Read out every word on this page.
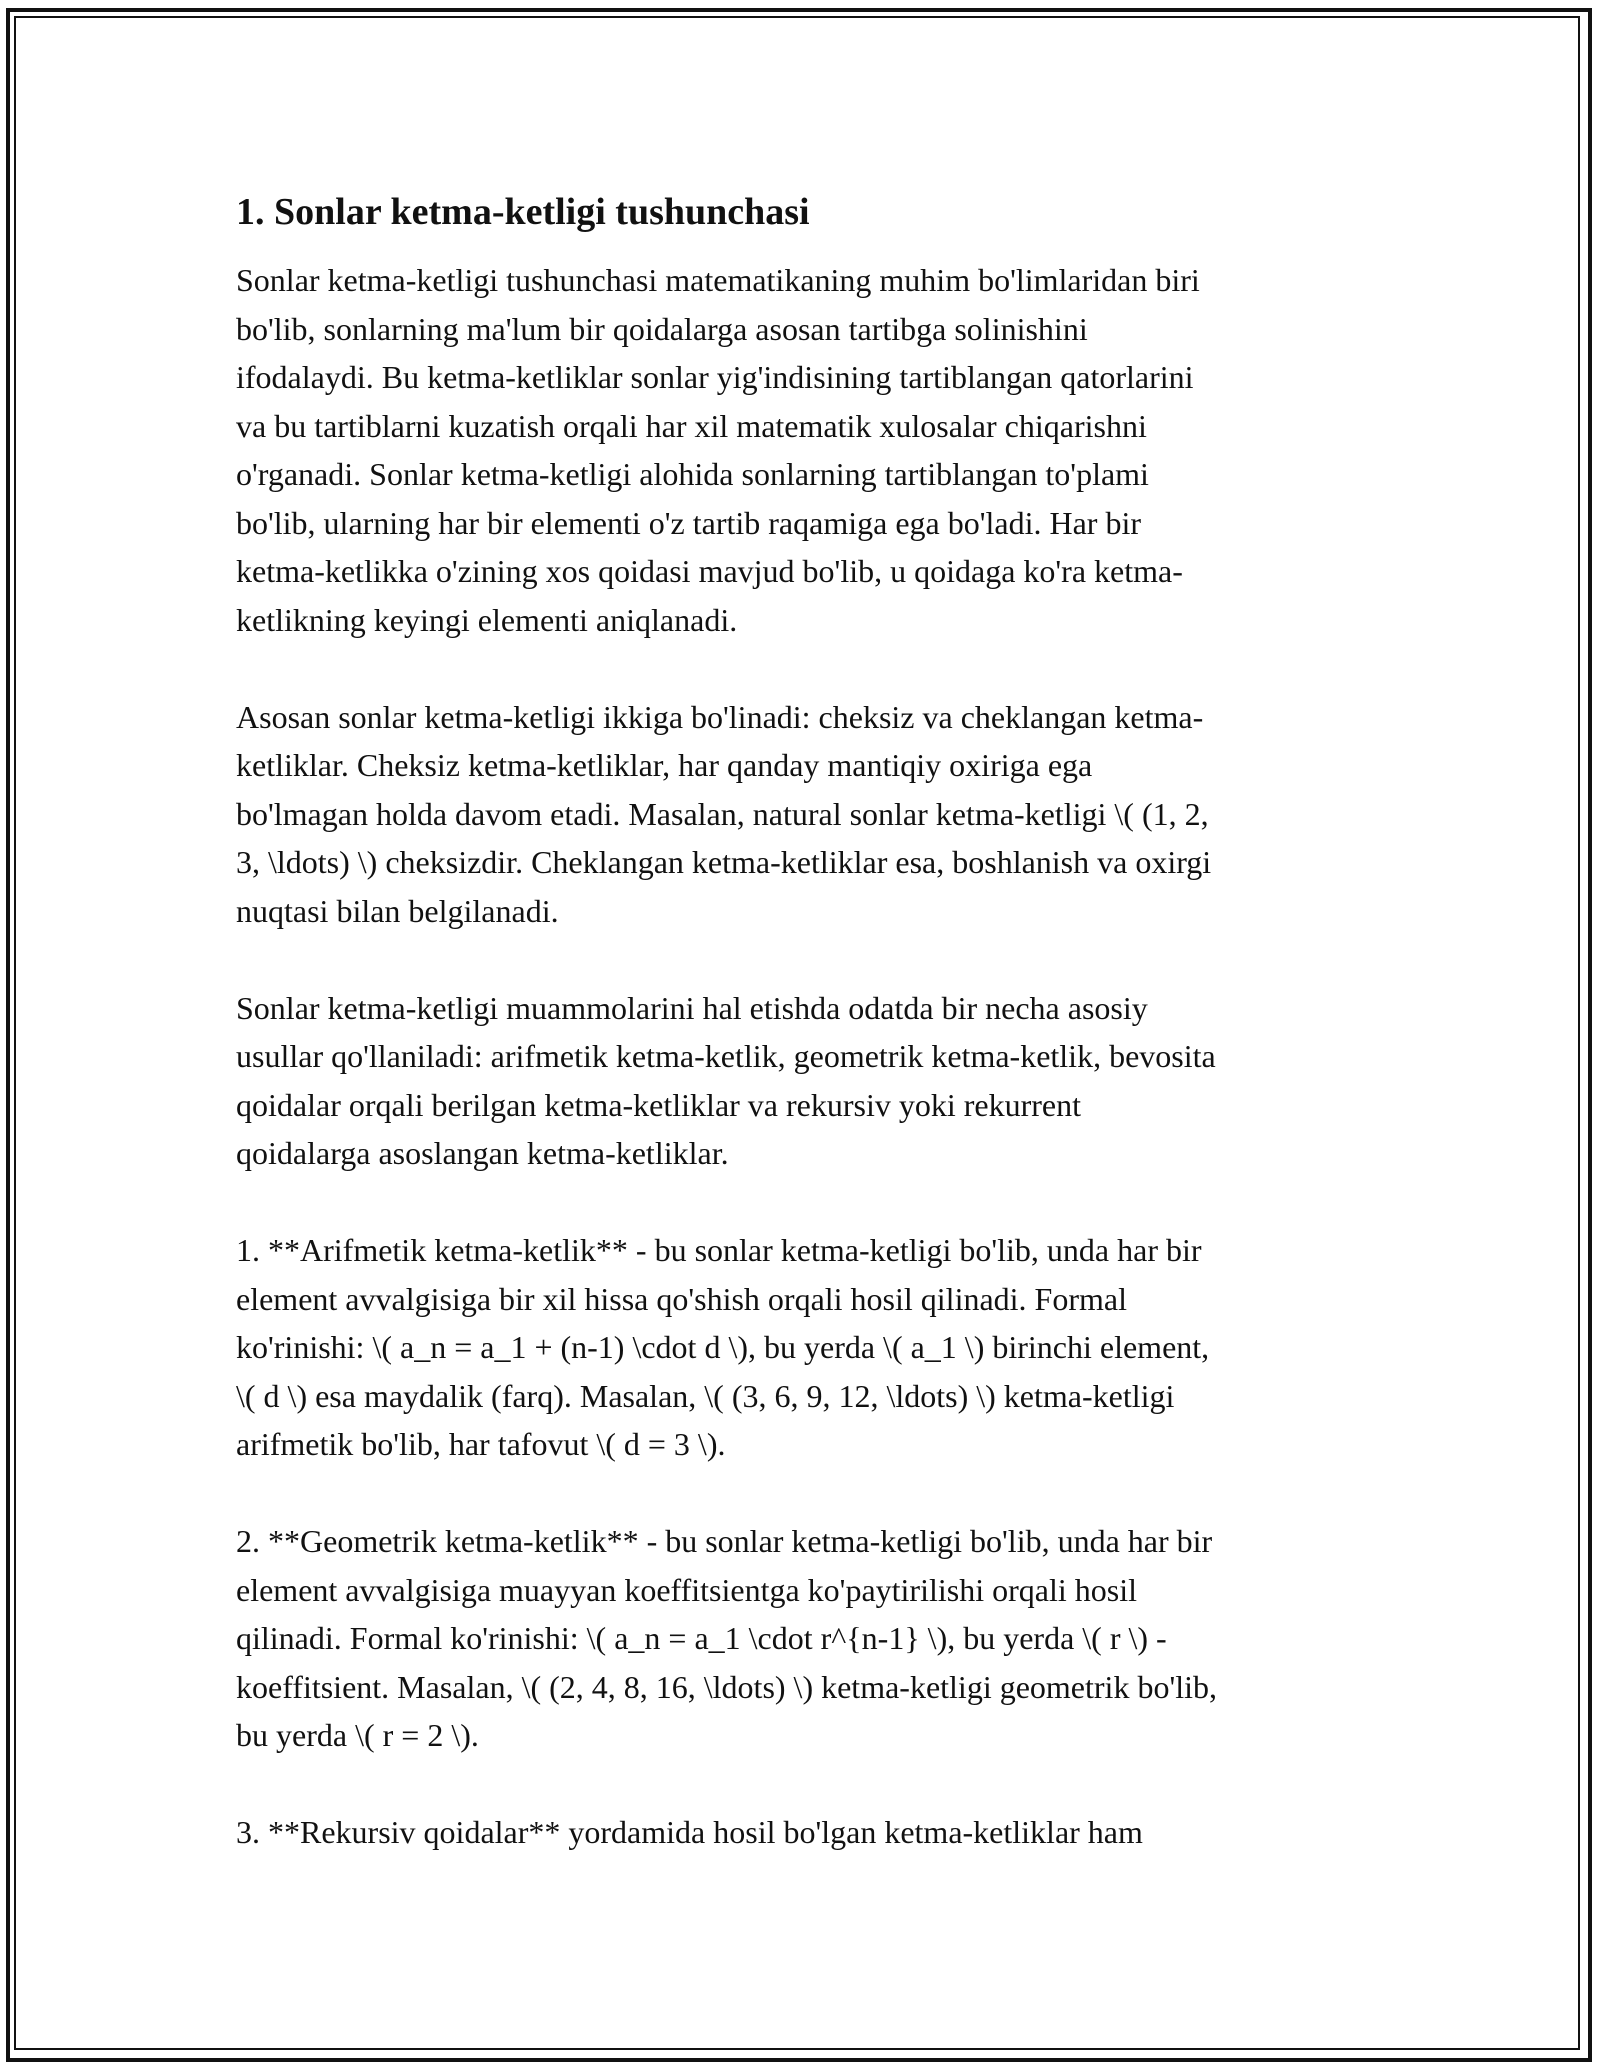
1. Sonlar ketma-ketligi tushunchasi

Sonlar ketma-ketligi tushunchasi matematikaning muhim bo'limlaridan biri
bo'lib, sonlarning ma'lum bir qoidalarga asosan tartibga solinishini
ifodalaydi. Bu ketma-ketliklar sonlar yig'indisining tartiblangan qatorlarini
va bu tartiblarni kuzatish orqali har xil matematik xulosalar chiqarishni
o'rganadi. Sonlar ketma-ketligi alohida sonlarning tartiblangan to'plami
bo'lib, ularning har bir elementi o'z tartib raqamiga ega bo'ladi. Har bir
ketma-ketlikka o'zining xos qoidasi mavjud bo'lib, u qoidaga ko'ra ketma-
ketlikning keyingi elementi aniqlanadi.

Asosan sonlar ketma-ketligi ikkiga bo'linadi: cheksiz va cheklangan ketma-
ketliklar. Cheksiz ketma-ketliklar, har qanday mantiqiy oxiriga ega
bo'lmagan holda davom etadi. Masalan, natural sonlar ketma-ketligi \( (1, 2,
3, \ldots) \) cheksizdir. Cheklangan ketma-ketliklar esa, boshlanish va oxirgi
nuqtasi bilan belgilanadi.

Sonlar ketma-ketligi muammolarini hal etishda odatda bir necha asosiy
usullar qo'llaniladi: arifmetik ketma-ketlik, geometrik ketma-ketlik, bevosita
qoidalar orqali berilgan ketma-ketliklar va rekursiv yoki rekurrent
qoidalarga asoslangan ketma-ketliklar.

1. **Arifmetik ketma-ketlik** - bu sonlar ketma-ketligi bo'lib, unda har bir
element avvalgisiga bir xil hissa qo'shish orqali hosil qilinadi. Formal
ko'rinishi: \( a_n = a_1 + (n-1) \cdot d \), bu yerda \( a_1 \) birinchi element,
\( d \) esa maydalik (farq). Masalan, \( (3, 6, 9, 12, \ldots) \) ketma-ketligi
arifmetik bo'lib, har tafovut \( d = 3 \).

2. **Geometrik ketma-ketlik** - bu sonlar ketma-ketligi bo'lib, unda har bir
element avvalgisiga muayyan koeffitsientga ko'paytirilishi orqali hosil
qilinadi. Formal ko'rinishi: \( a_n = a_1 \cdot r^{n-1} \), bu yerda \( r \) -
koeffitsient. Masalan, \( (2, 4, 8, 16, \ldots) \) ketma-ketligi geometrik bo'lib,
bu yerda \( r = 2 \).

3. **Rekursiv qoidalar** yordamida hosil bo'lgan ketma-ketliklar ham
